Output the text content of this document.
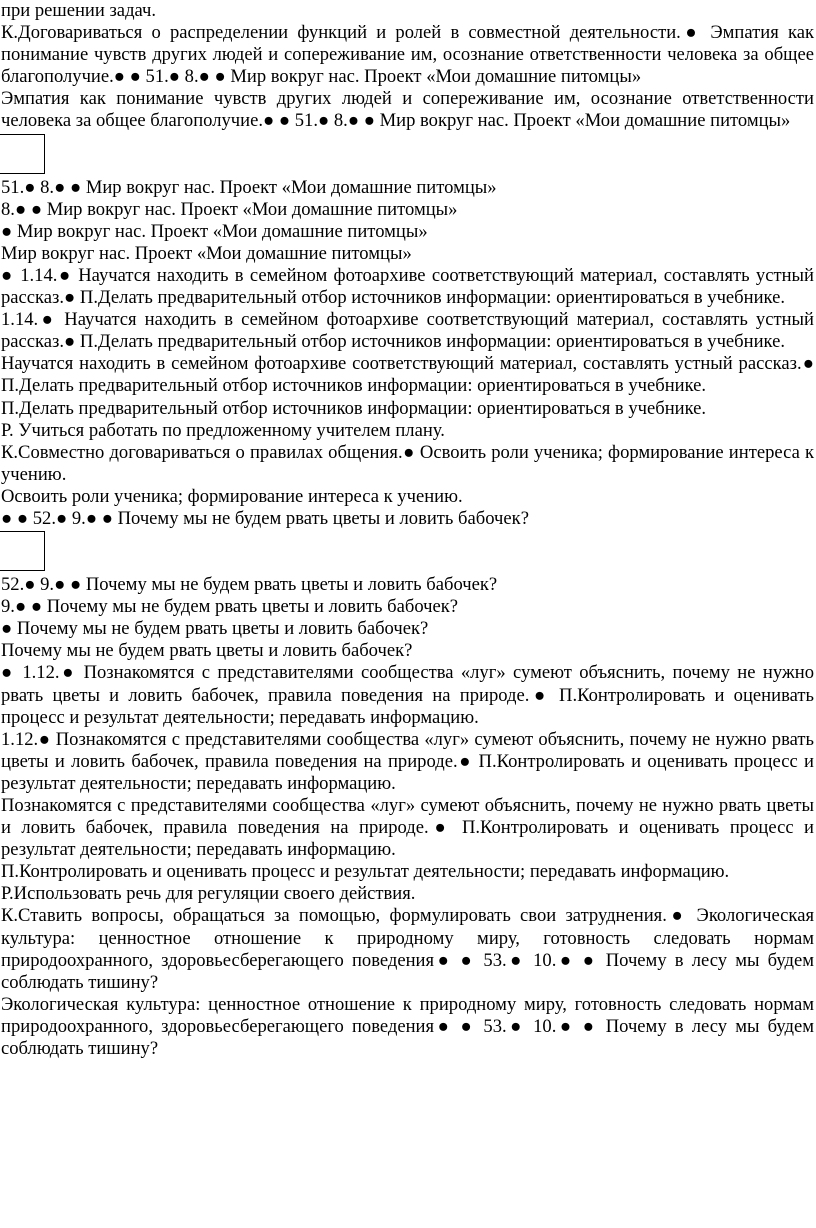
при решении задач.

К.Договариваться о распределении функций и ролей в совместной деятельности.● Эмпатия как понимание чувств других людей и сопереживание им, осознание ответственности человека за общее благополучие.● ● 51.● 8.● ● Мир вокруг нас. Проект «Мои домашние питомцы»

Эмпатия как понимание чувств других людей и сопереживание им, осознание ответственности человека за общее благополучие.● ● 51.● 8.● ● Мир вокруг нас. Проект «Мои домашние питомцы»

51.● 8.● ● Мир вокруг нас. Проект «Мои домашние питомцы»

8.● ● Мир вокруг нас. Проект «Мои домашние питомцы»

● Мир вокруг нас. Проект «Мои домашние питомцы»

Мир вокруг нас. Проект «Мои домашние питомцы»

● 1.14.● Научатся находить в семейном фотоархиве соответствующий материал, составлять устный рассказ.● П.Делать предварительный отбор источников информации: ориентироваться в учебнике.

1.14.● Научатся находить в семейном фотоархиве соответствующий материал, составлять устный рассказ.● П.Делать предварительный отбор источников информации: ориентироваться в учебнике.

Научатся находить в семейном фотоархиве соответствующий материал, составлять устный рассказ.● П.Делать предварительный отбор источников информации: ориентироваться в учебнике.

П.Делать предварительный отбор источников информации: ориентироваться в учебнике.

Р. Учиться работать по предложенному учителем плану.

К.Совместно договариваться о правилах общения.● Освоить роли ученика; формирование интереса к учению.

Освоить роли ученика; формирование интереса к учению.

● ● 52.● 9.● ● Почему мы не будем рвать цветы и ловить бабочек?

52.● 9.● ● Почему мы не будем рвать цветы и ловить бабочек?

9.● ● Почему мы не будем рвать цветы и ловить бабочек?

● Почему мы не будем рвать цветы и ловить бабочек?

Почему мы не будем рвать цветы и ловить бабочек?

● 1.12.● Познакомятся с представителями сообщества «луг» сумеют объяснить, почему не нужно рвать цветы и ловить бабочек, правила поведения на природе.● П.Контролировать и оценивать процесс и результат деятельности; передавать информацию.

1.12.● Познакомятся с представителями сообщества «луг» сумеют объяснить, почему не нужно рвать цветы и ловить бабочек, правила поведения на природе.● П.Контролировать и оценивать процесс и результат деятельности; передавать информацию.

Познакомятся с представителями сообщества «луг» сумеют объяснить, почему не нужно рвать цветы и ловить бабочек, правила поведения на природе.● П.Контролировать и оценивать процесс и результат деятельности; передавать информацию.

П.Контролировать и оценивать процесс и результат деятельности; передавать информацию.

Р.Использовать речь для регуляции своего действия.

К.Ставить вопросы, обращаться за помощью, формулировать свои затруднения.● Экологическая культура: ценностное отношение к природному миру, готовность следовать нормам природоохранного, здоровьесберегающего поведения● ● 53.● 10.● ● Почему в лесу мы будем соблюдать тишину?

Экологическая культура: ценностное отношение к природному миру, готовность следовать нормам природоохранного, здоровьесберегающего поведения● ● 53.● 10.● ● Почему в лесу мы будем соблюдать тишину?
